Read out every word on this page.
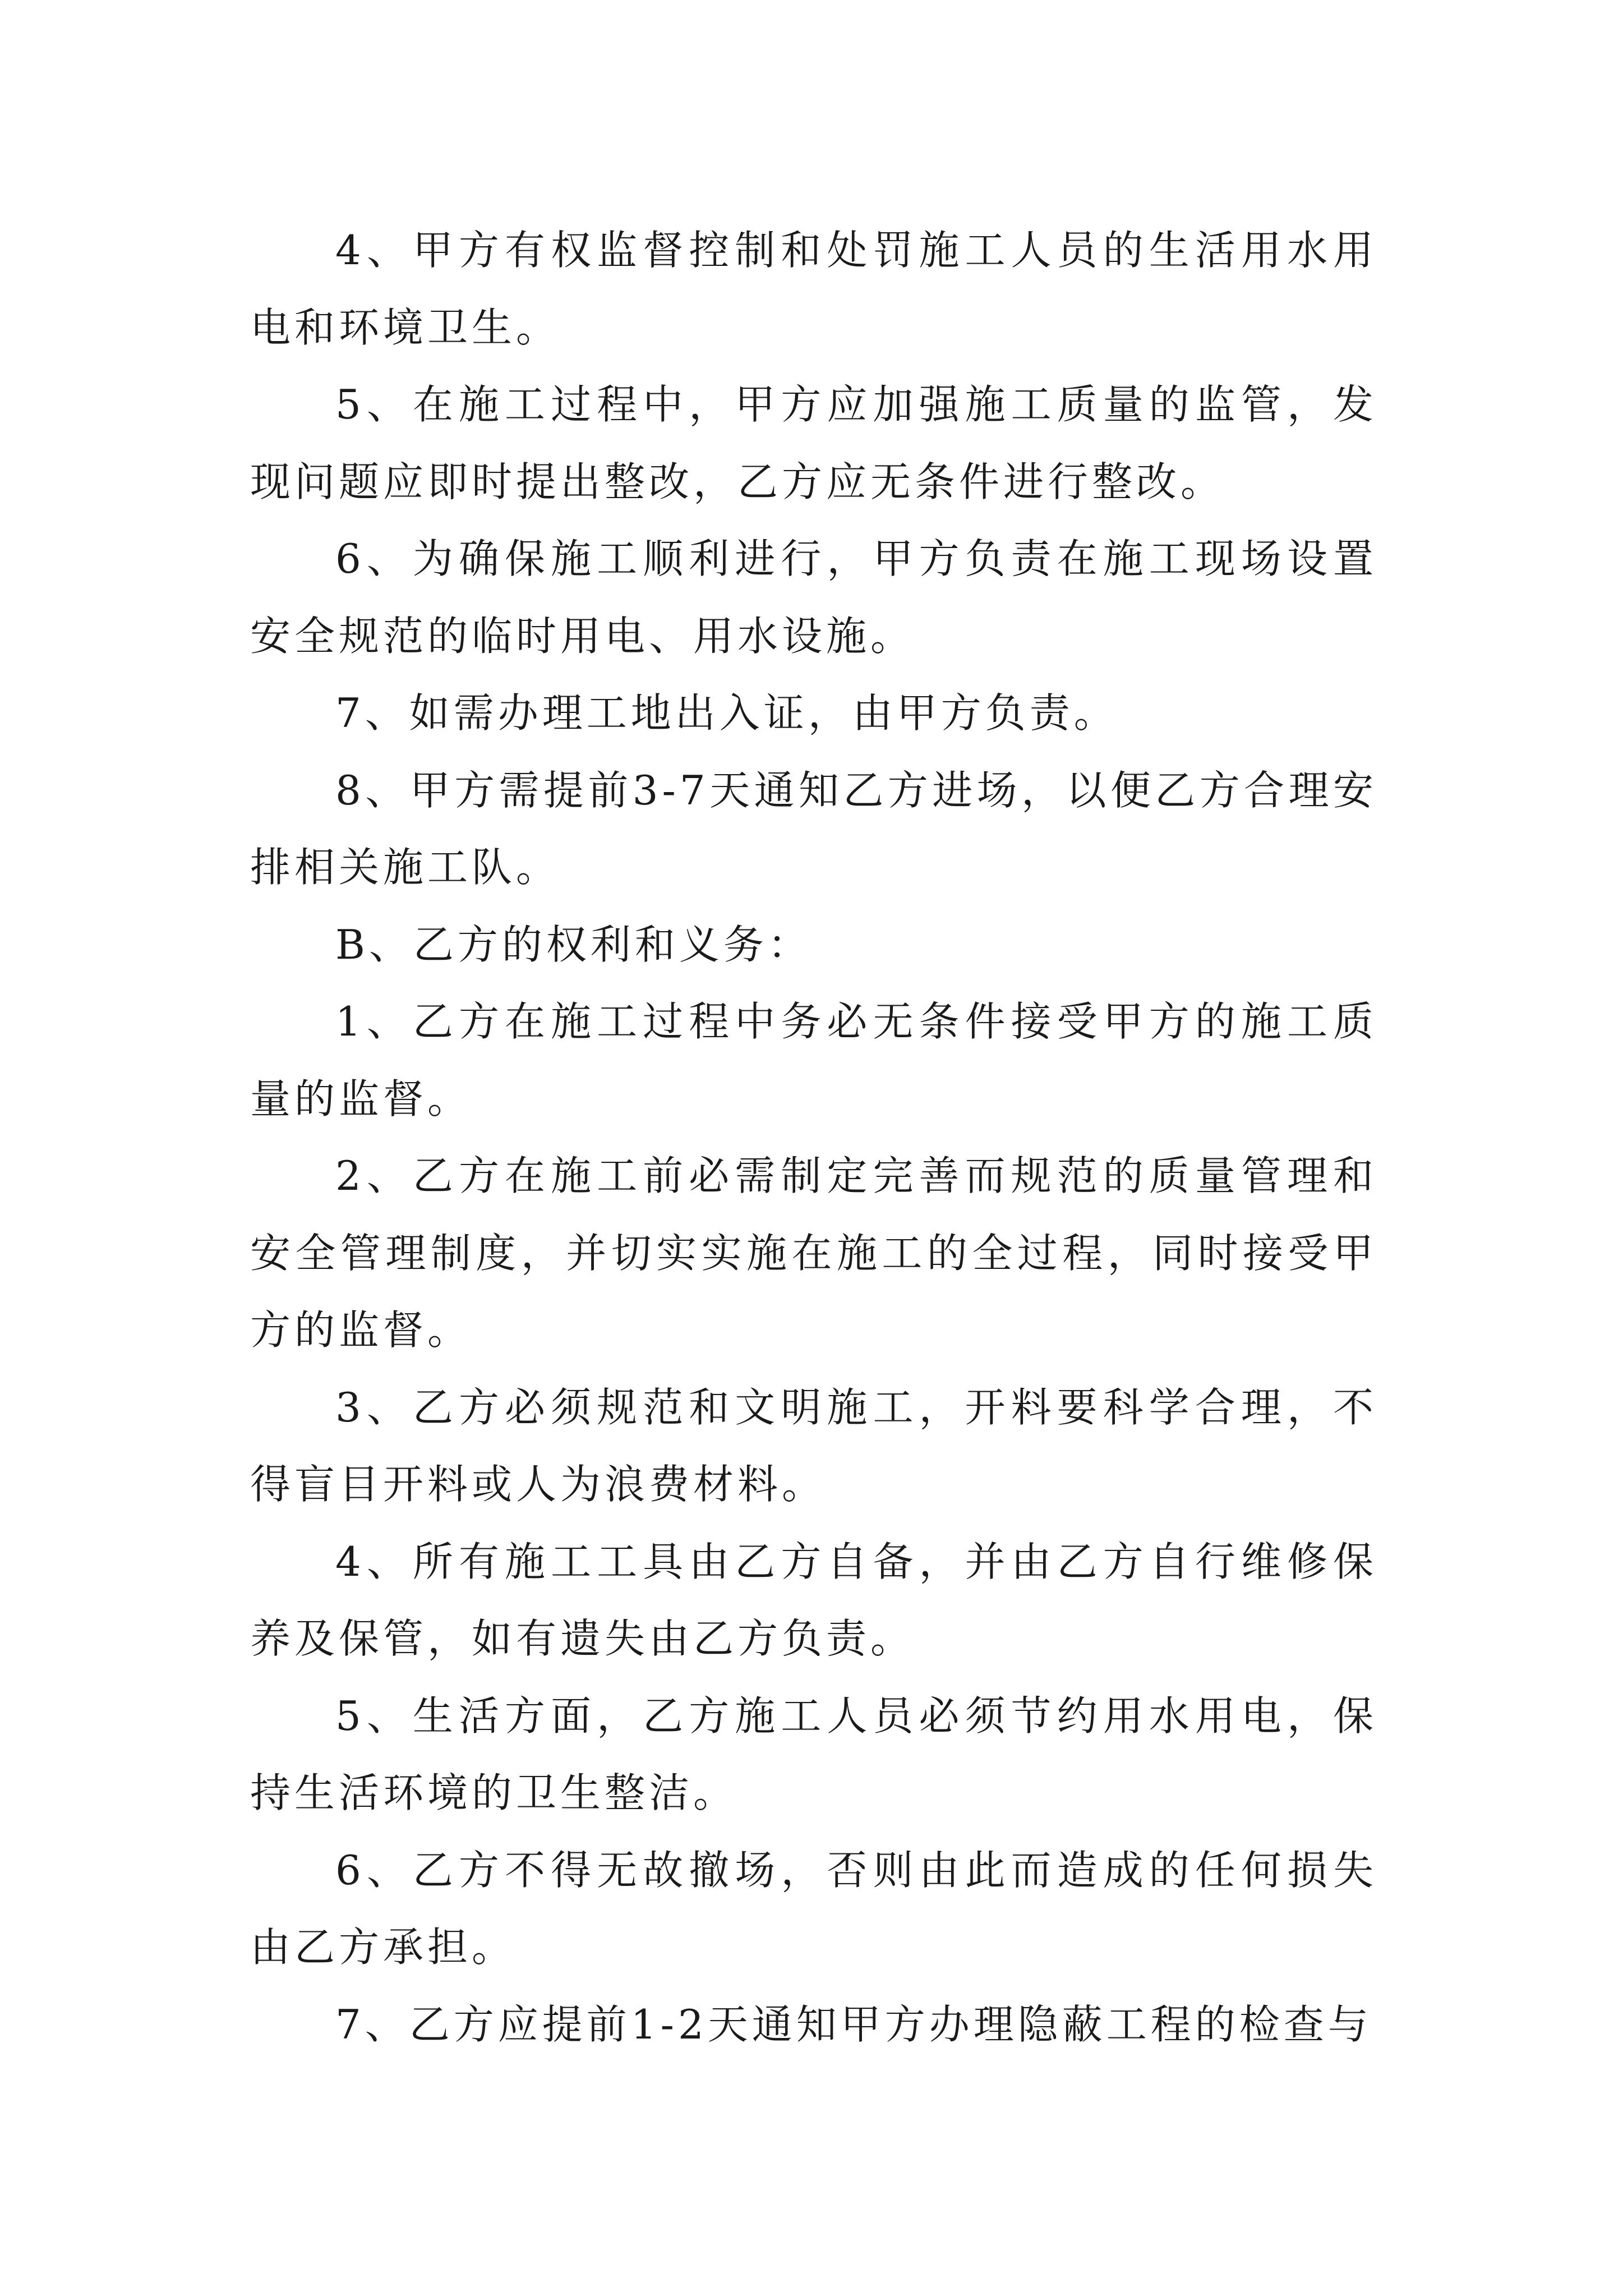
4、甲方有权监督控制和处罚施工人员的生活用水用电和环境卫生。

5、在施工过程中，甲方应加强施工质量的监管，发现问题应即时提出整改，乙方应无条件进行整改。

6、为确保施工顺利进行，甲方负责在施工现场设置安全规范的临时用电、用水设施。

7、如需办理工地出入证，由甲方负责。

8、甲方需提前3-7天通知乙方进场，以便乙方合理安排相关施工队。

B、乙方的权利和义务：

1、乙方在施工过程中务必无条件接受甲方的施工质量的监督。

2、乙方在施工前必需制定完善而规范的质量管理和安全管理制度，并切实实施在施工的全过程，同时接受甲方的监督。

3、乙方必须规范和文明施工，开料要科学合理，不得盲目开料或人为浪费材料。

4、所有施工工具由乙方自备，并由乙方自行维修保养及保管，如有遗失由乙方负责。

5、生活方面，乙方施工人员必须节约用水用电，保持生活环境的卫生整洁。

6、乙方不得无故撤场，否则由此而造成的任何损失由乙方承担。

7、乙方应提前1-2天通知甲方办理隐蔽工程的检查与
